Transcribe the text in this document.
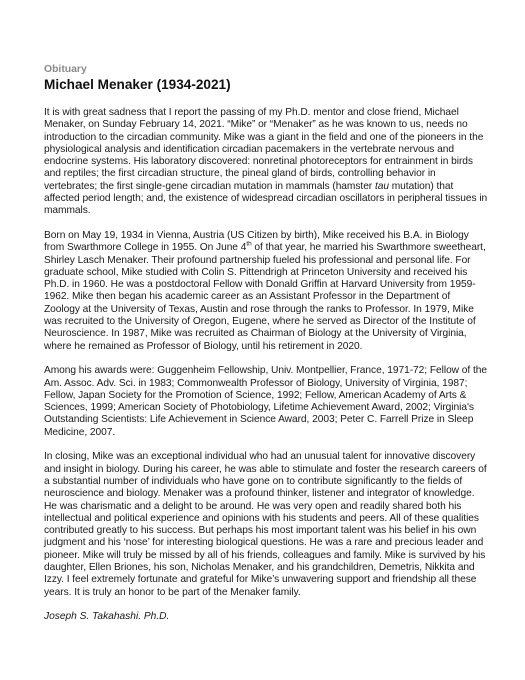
Obituary
Michael Menaker (1934-2021)

It is with great sadness that I report the passing of my Ph.D. mentor and close friend, Michael Menaker, on Sunday February 14, 2021. “Mike” or “Menaker” as he was known to us, needs no introduction to the circadian community. Mike was a giant in the field and one of the pioneers in the physiological analysis and identification circadian pacemakers in the vertebrate nervous and endocrine systems. His laboratory discovered: nonretinal photoreceptors for entrainment in birds and reptiles; the first circadian structure, the pineal gland of birds, controlling behavior in vertebrates; the first single-gene circadian mutation in mammals (hamster tau mutation) that affected period length; and, the existence of widespread circadian oscillators in peripheral tissues in mammals.

Born on May 19, 1934 in Vienna, Austria (US Citizen by birth), Mike received his B.A. in Biology from Swarthmore College in 1955. On June 4th of that year, he married his Swarthmore sweetheart, Shirley Lasch Menaker. Their profound partnership fueled his professional and personal life. For graduate school, Mike studied with Colin S. Pittendrigh at Princeton University and received his Ph.D. in 1960. He was a postdoctoral Fellow with Donald Griffin at Harvard University from 1959-1962. Mike then began his academic career as an Assistant Professor in the Department of Zoology at the University of Texas, Austin and rose through the ranks to Professor. In 1979, Mike was recruited to the University of Oregon, Eugene, where he served as Director of the Institute of Neuroscience. In 1987, Mike was recruited as Chairman of Biology at the University of Virginia, where he remained as Professor of Biology, until his retirement in 2020.

Among his awards were: Guggenheim Fellowship, Univ. Montpellier, France, 1971-72; Fellow of the Am. Assoc. Adv. Sci. in 1983; Commonwealth Professor of Biology, University of Virginia, 1987; Fellow, Japan Society for the Promotion of Science, 1992; Fellow, American Academy of Arts & Sciences, 1999; American Society of Photobiology, Lifetime Achievement Award, 2002; Virginia's Outstanding Scientists: Life Achievement in Science Award, 2003; Peter C. Farrell Prize in Sleep Medicine, 2007.

In closing, Mike was an exceptional individual who had an unusual talent for innovative discovery and insight in biology. During his career, he was able to stimulate and foster the research careers of a substantial number of individuals who have gone on to contribute significantly to the fields of neuroscience and biology. Menaker was a profound thinker, listener and integrator of knowledge. He was charismatic and a delight to be around. He was very open and readily shared both his intellectual and political experience and opinions with his students and peers. All of these qualities contributed greatly to his success. But perhaps his most important talent was his belief in his own judgment and his ‘nose’ for interesting biological questions. He was a rare and precious leader and pioneer. Mike will truly be missed by all of his friends, colleagues and family. Mike is survived by his daughter, Ellen Briones, his son, Nicholas Menaker, and his grandchildren, Demetris, Nikkita and Izzy. I feel extremely fortunate and grateful for Mike’s unwavering support and friendship all these years. It is truly an honor to be part of the Menaker family.

Joseph S. Takahashi. Ph.D.
